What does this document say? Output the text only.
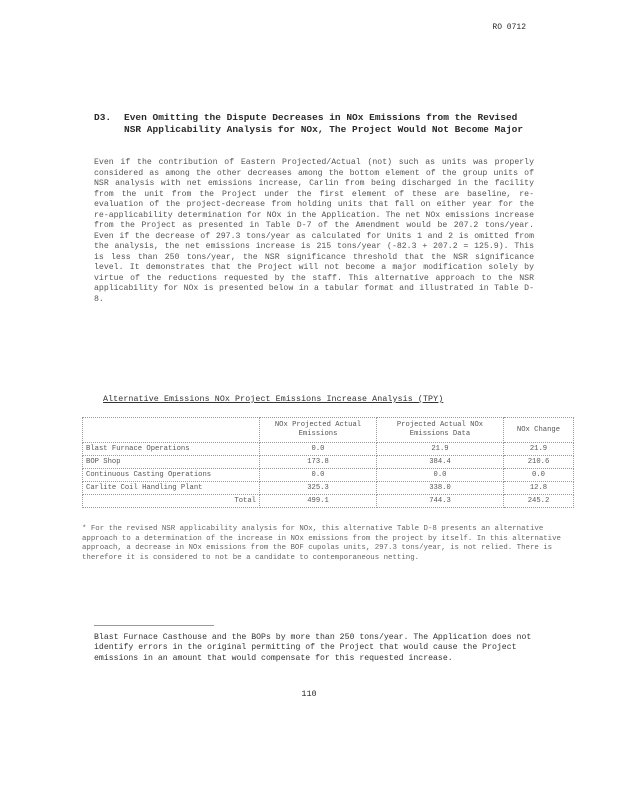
RO 0712
D3. Even Omitting the Dispute Decreases in NOx Emissions from the Revised NSR Applicability Analysis for NOx, The Project Would Not Become Major
Even if the contribution of Eastern Projected/Actual (not) such as units was properly considered as among the other decreases among the bottom element of the group units of NSR analysis with net emissions increase, Carlin from being discharged in the facility from the unit from the Project under the first element of these are baseline, re-evaluation of the project-decrease from holding units that fall on either year for the re-applicability determination for NOx in the Application. The net NOx emissions increase from the Project as presented in Table D-7 of the Amendment would be 207.2 tons/year. Even if the decrease of 297.3 tons/year as calculated for Units 1 and 2 is omitted from the analysis, the net emissions increase is 215 tons/year (-82.3 + 207.2 = 125.9). This is less than 250 tons/year, the NSR significance threshold that the NSR significance level. It demonstrates that the Project will not become a major modification solely by virtue of the reductions requested by the staff. This alternative approach to the NSR applicability for NOx is presented below in a tabular format and illustrated in Table D-8.
Alternative Emissions NOx Project Emissions Increase Analysis (TPY)
	NOx Projected Actual Emissions	Projected Actual NOx Emissions Data	NOx Change
Blast Furnace Operations	0.0	21.9	21.9
BOP Shop	173.8	384.4	210.6
Continuous Casting Operations	0.0	0.0	0.0
Carlite Coil Handling Plant	325.3	338.0	12.8
Total	499.1	744.3	245.2
* For the revised NSR applicability analysis for NOx, this alternative Table D-8 presents an alternative approach to a determination of the increase in NOx emissions from the project by itself. In this alternative approach, a decrease in NOx emissions from the BOF cupolas units, 297.3 tons/year, is not relied. There is therefore it is considered to not be a candidate to contemporaneous netting.
Blast Furnace Casthouse and the BOPs by more than 250 tons/year. The Application does not identify errors in the original permitting of the Project that would cause the Project emissions in an amount that would compensate for this requested increase.
110
